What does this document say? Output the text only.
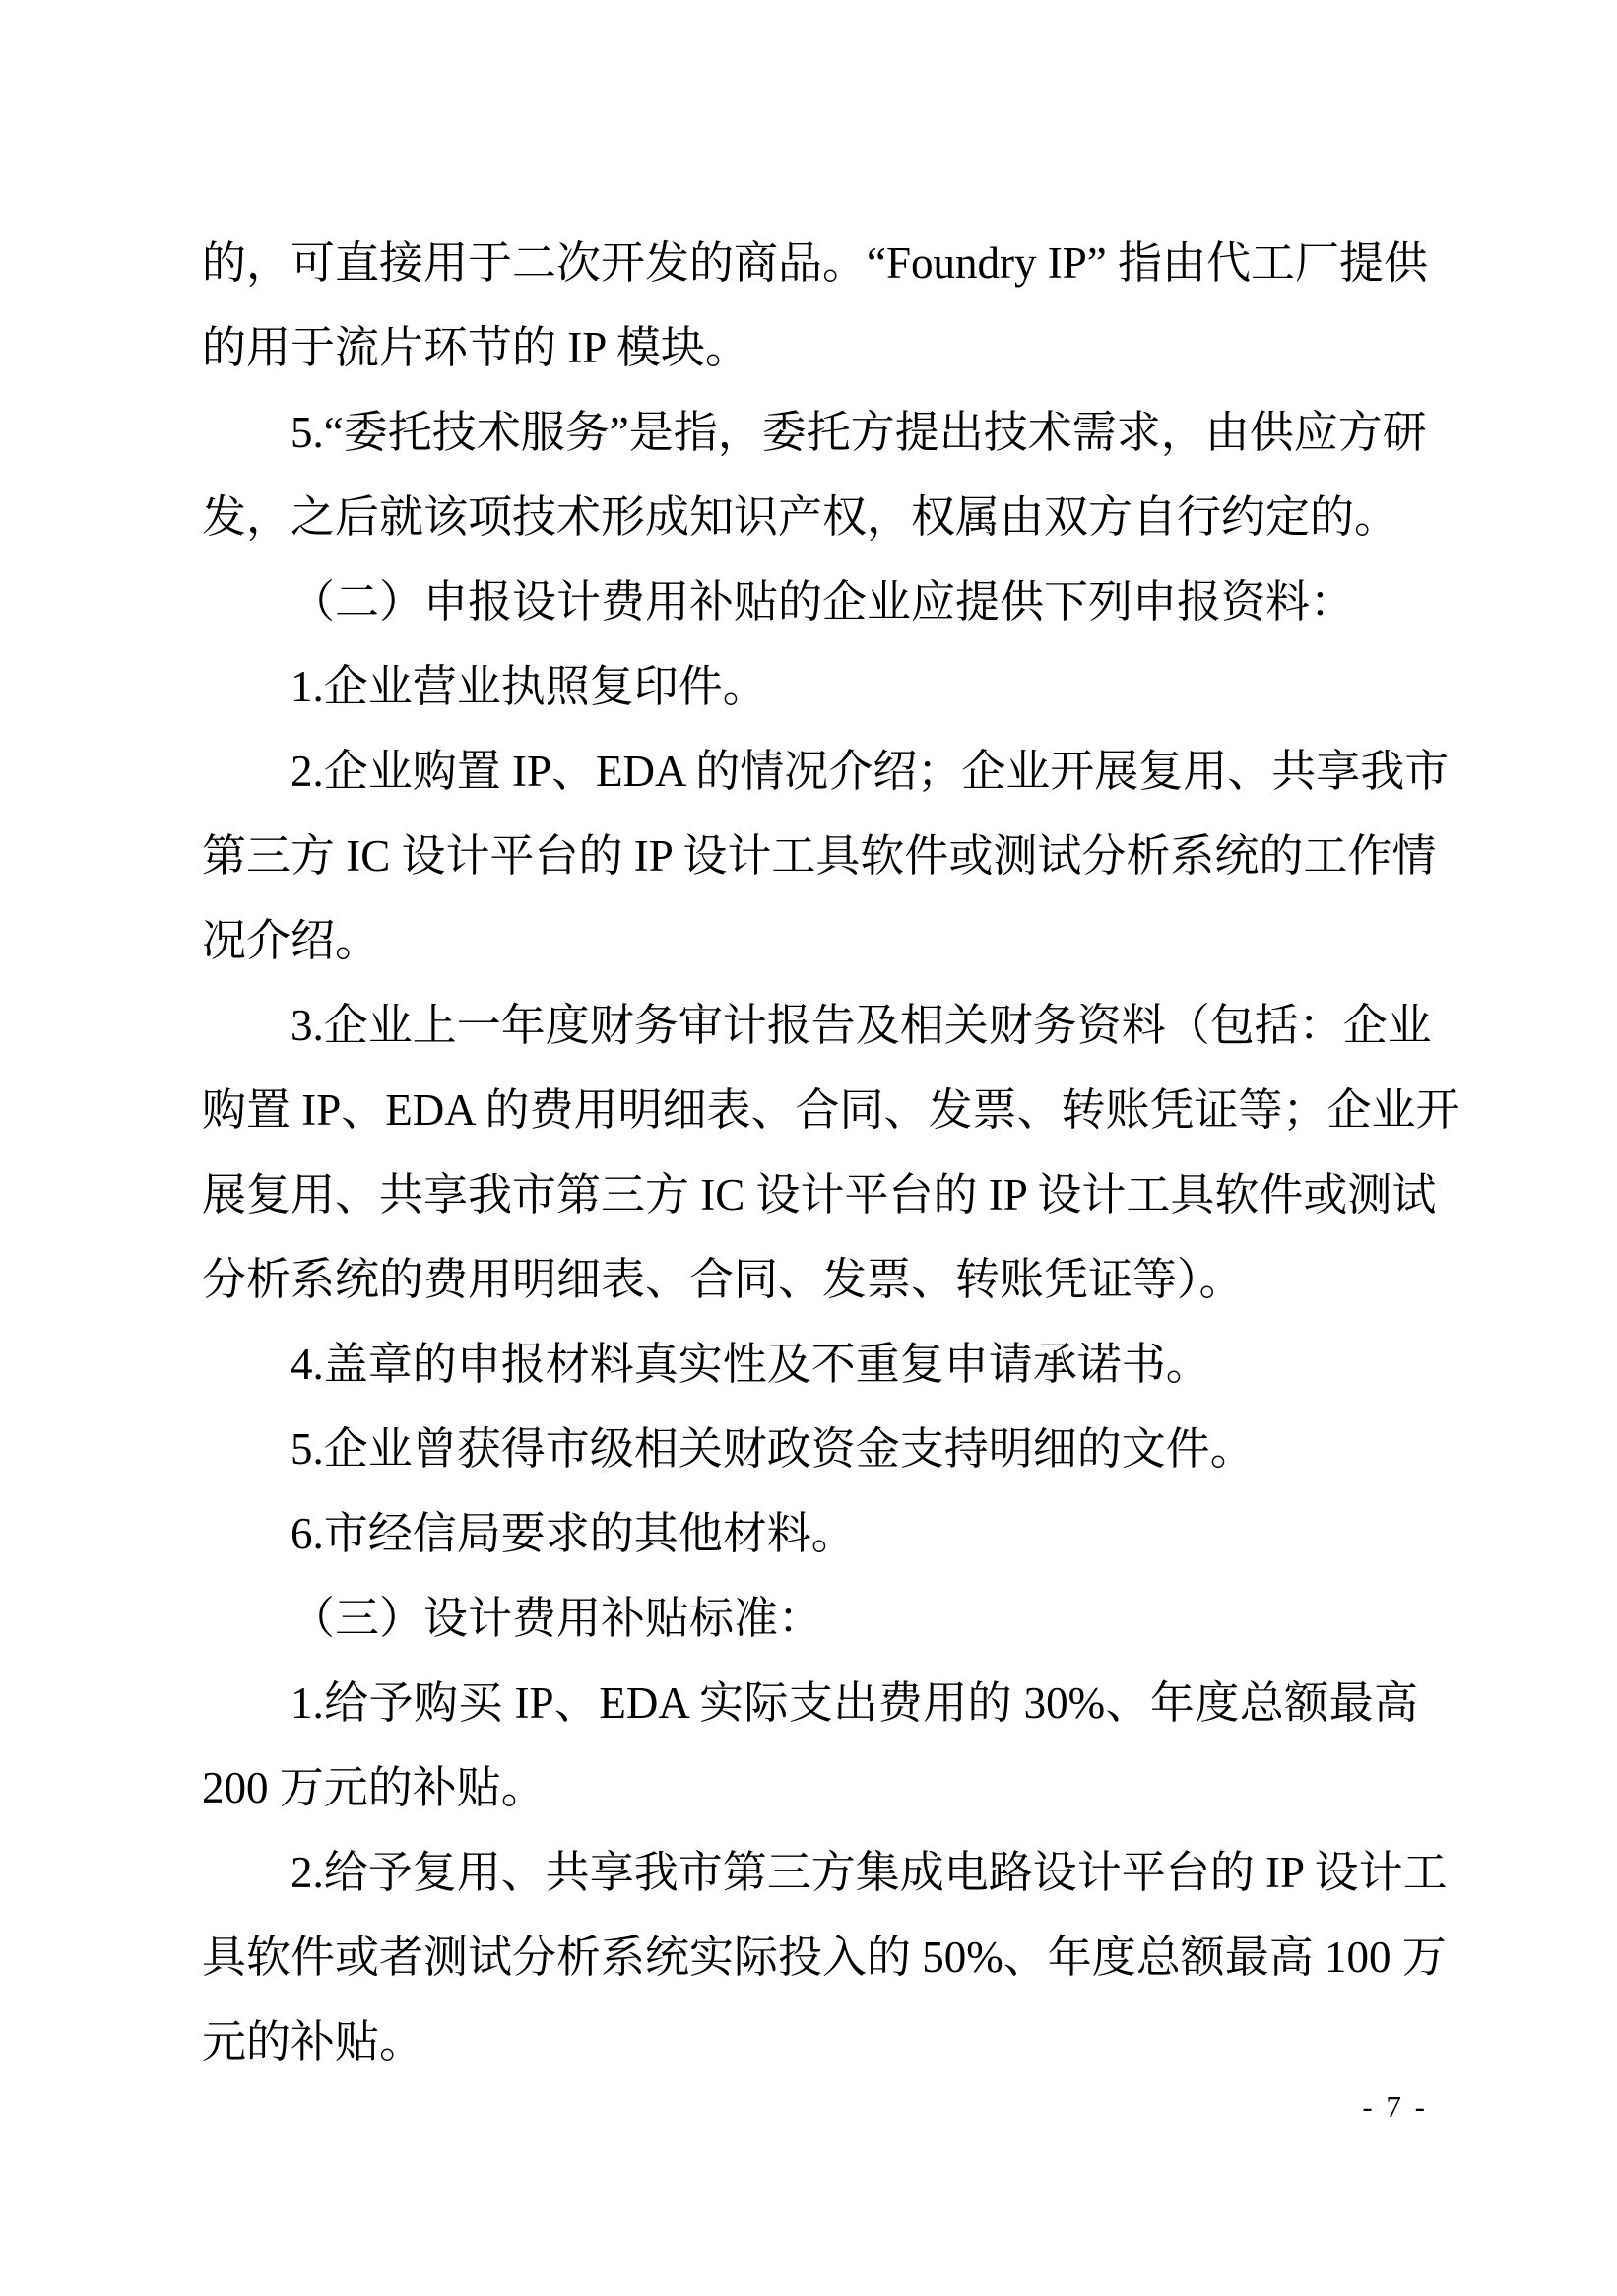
的，可直接用于二次开发的商品。“Foundry IP” 指由代工厂提供
的用于流片环节的 IP 模块。
5.“委托技术服务”是指，委托方提出技术需求，由供应方研
发，之后就该项技术形成知识产权，权属由双方自行约定的。
（二）申报设计费用补贴的企业应提供下列申报资料：
1.企业营业执照复印件。
2.企业购置 IP、EDA 的情况介绍；企业开展复用、共享我市
第三方 IC 设计平台的 IP 设计工具软件或测试分析系统的工作情
况介绍。
3.企业上一年度财务审计报告及相关财务资料（包括：企业
购置 IP、EDA 的费用明细表、合同、发票、转账凭证等；企业开
展复用、共享我市第三方 IC 设计平台的 IP 设计工具软件或测试
分析系统的费用明细表、合同、发票、转账凭证等）。
4.盖章的申报材料真实性及不重复申请承诺书。
5.企业曾获得市级相关财政资金支持明细的文件。
6.市经信局要求的其他材料。
（三）设计费用补贴标准：
1.给予购买 IP、EDA 实际支出费用的 30%、年度总额最高
200 万元的补贴。
2.给予复用、共享我市第三方集成电路设计平台的 IP 设计工
具软件或者测试分析系统实际投入的 50%、年度总额最高 100 万
元的补贴。
- 7 -
